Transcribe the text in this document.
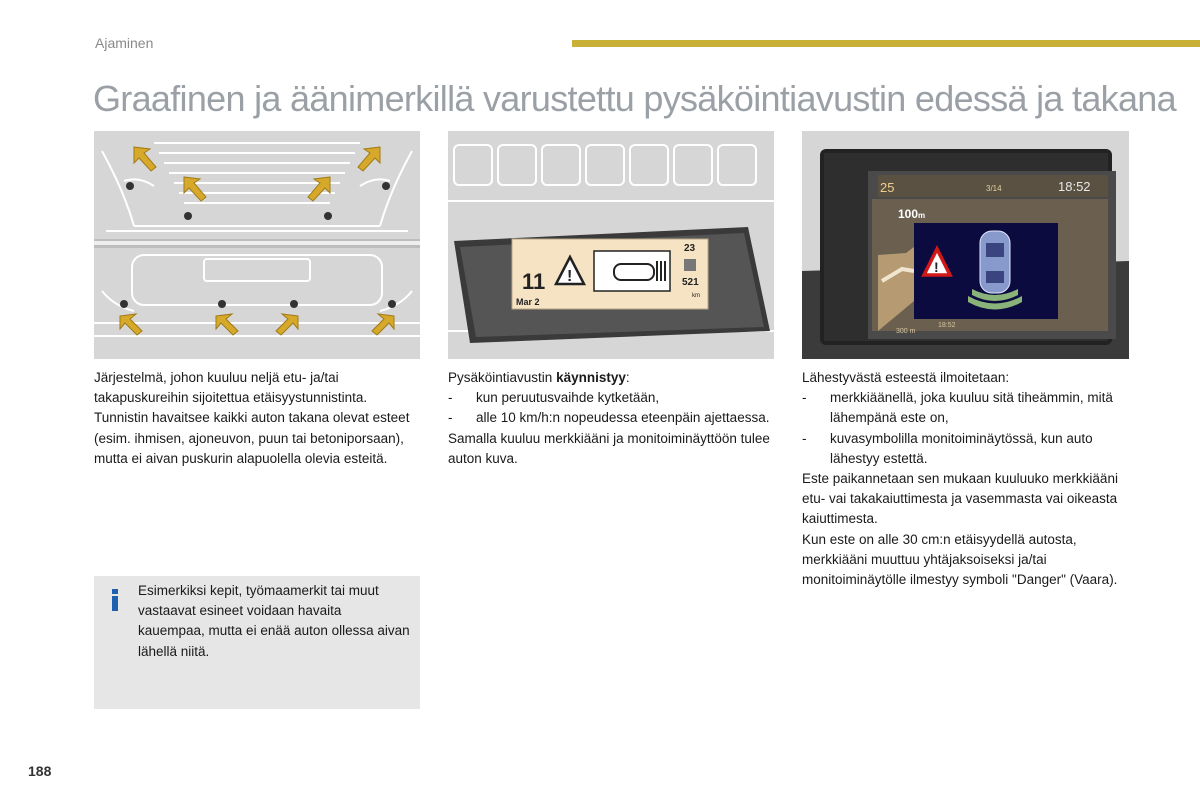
Ajaminen
Graafinen ja äänimerkillä varustettu pysäköintiavustin edessä ja takana
11
Mar 2
!
23
521
km
25	3/14	18:52
100m
!
300 m
18:52

Järjestelmä, johon kuuluu neljä etu- ja/tai takapuskureihin sijoitettua etäisyystunnistinta. Tunnistin havaitsee kaikki auton takana olevat esteet (esim. ihmisen, ajoneuvon, puun tai betoniporsaan), mutta ei aivan puskurin alapuolella olevia esteitä.

Pysäköintiavustin käynnistyy:

- kun peruutusvaihde kytketään,
- alle 10 km/h:n nopeudessa eteenpäin ajettaessa.

Samalla kuuluu merkkiääni ja monitoiminäyttöön tulee auton kuva.

Lähestyvästä esteestä ilmoitetaan:

- merkkiäänellä, joka kuuluu sitä tiheämmin, mitä lähempänä este on,
- kuvasymbolilla monitoiminäytössä, kun auto lähestyy estettä.

Este paikannetaan sen mukaan kuuluuko merkkiääni etu- vai takakaiuttimesta ja vasemmasta vai oikeasta kaiuttimesta.

Kun este on alle 30 cm:n etäisyydellä autosta, merkkiääni muuttuu yhtäjaksoiseksi ja/tai monitoiminäytölle ilmestyy symboli "Danger" (Vaara).

Esimerkiksi kepit, työmaamerkit tai muut vastaavat esineet voidaan havaita kauempaa, mutta ei enää auton ollessa aivan lähellä niitä.
188
